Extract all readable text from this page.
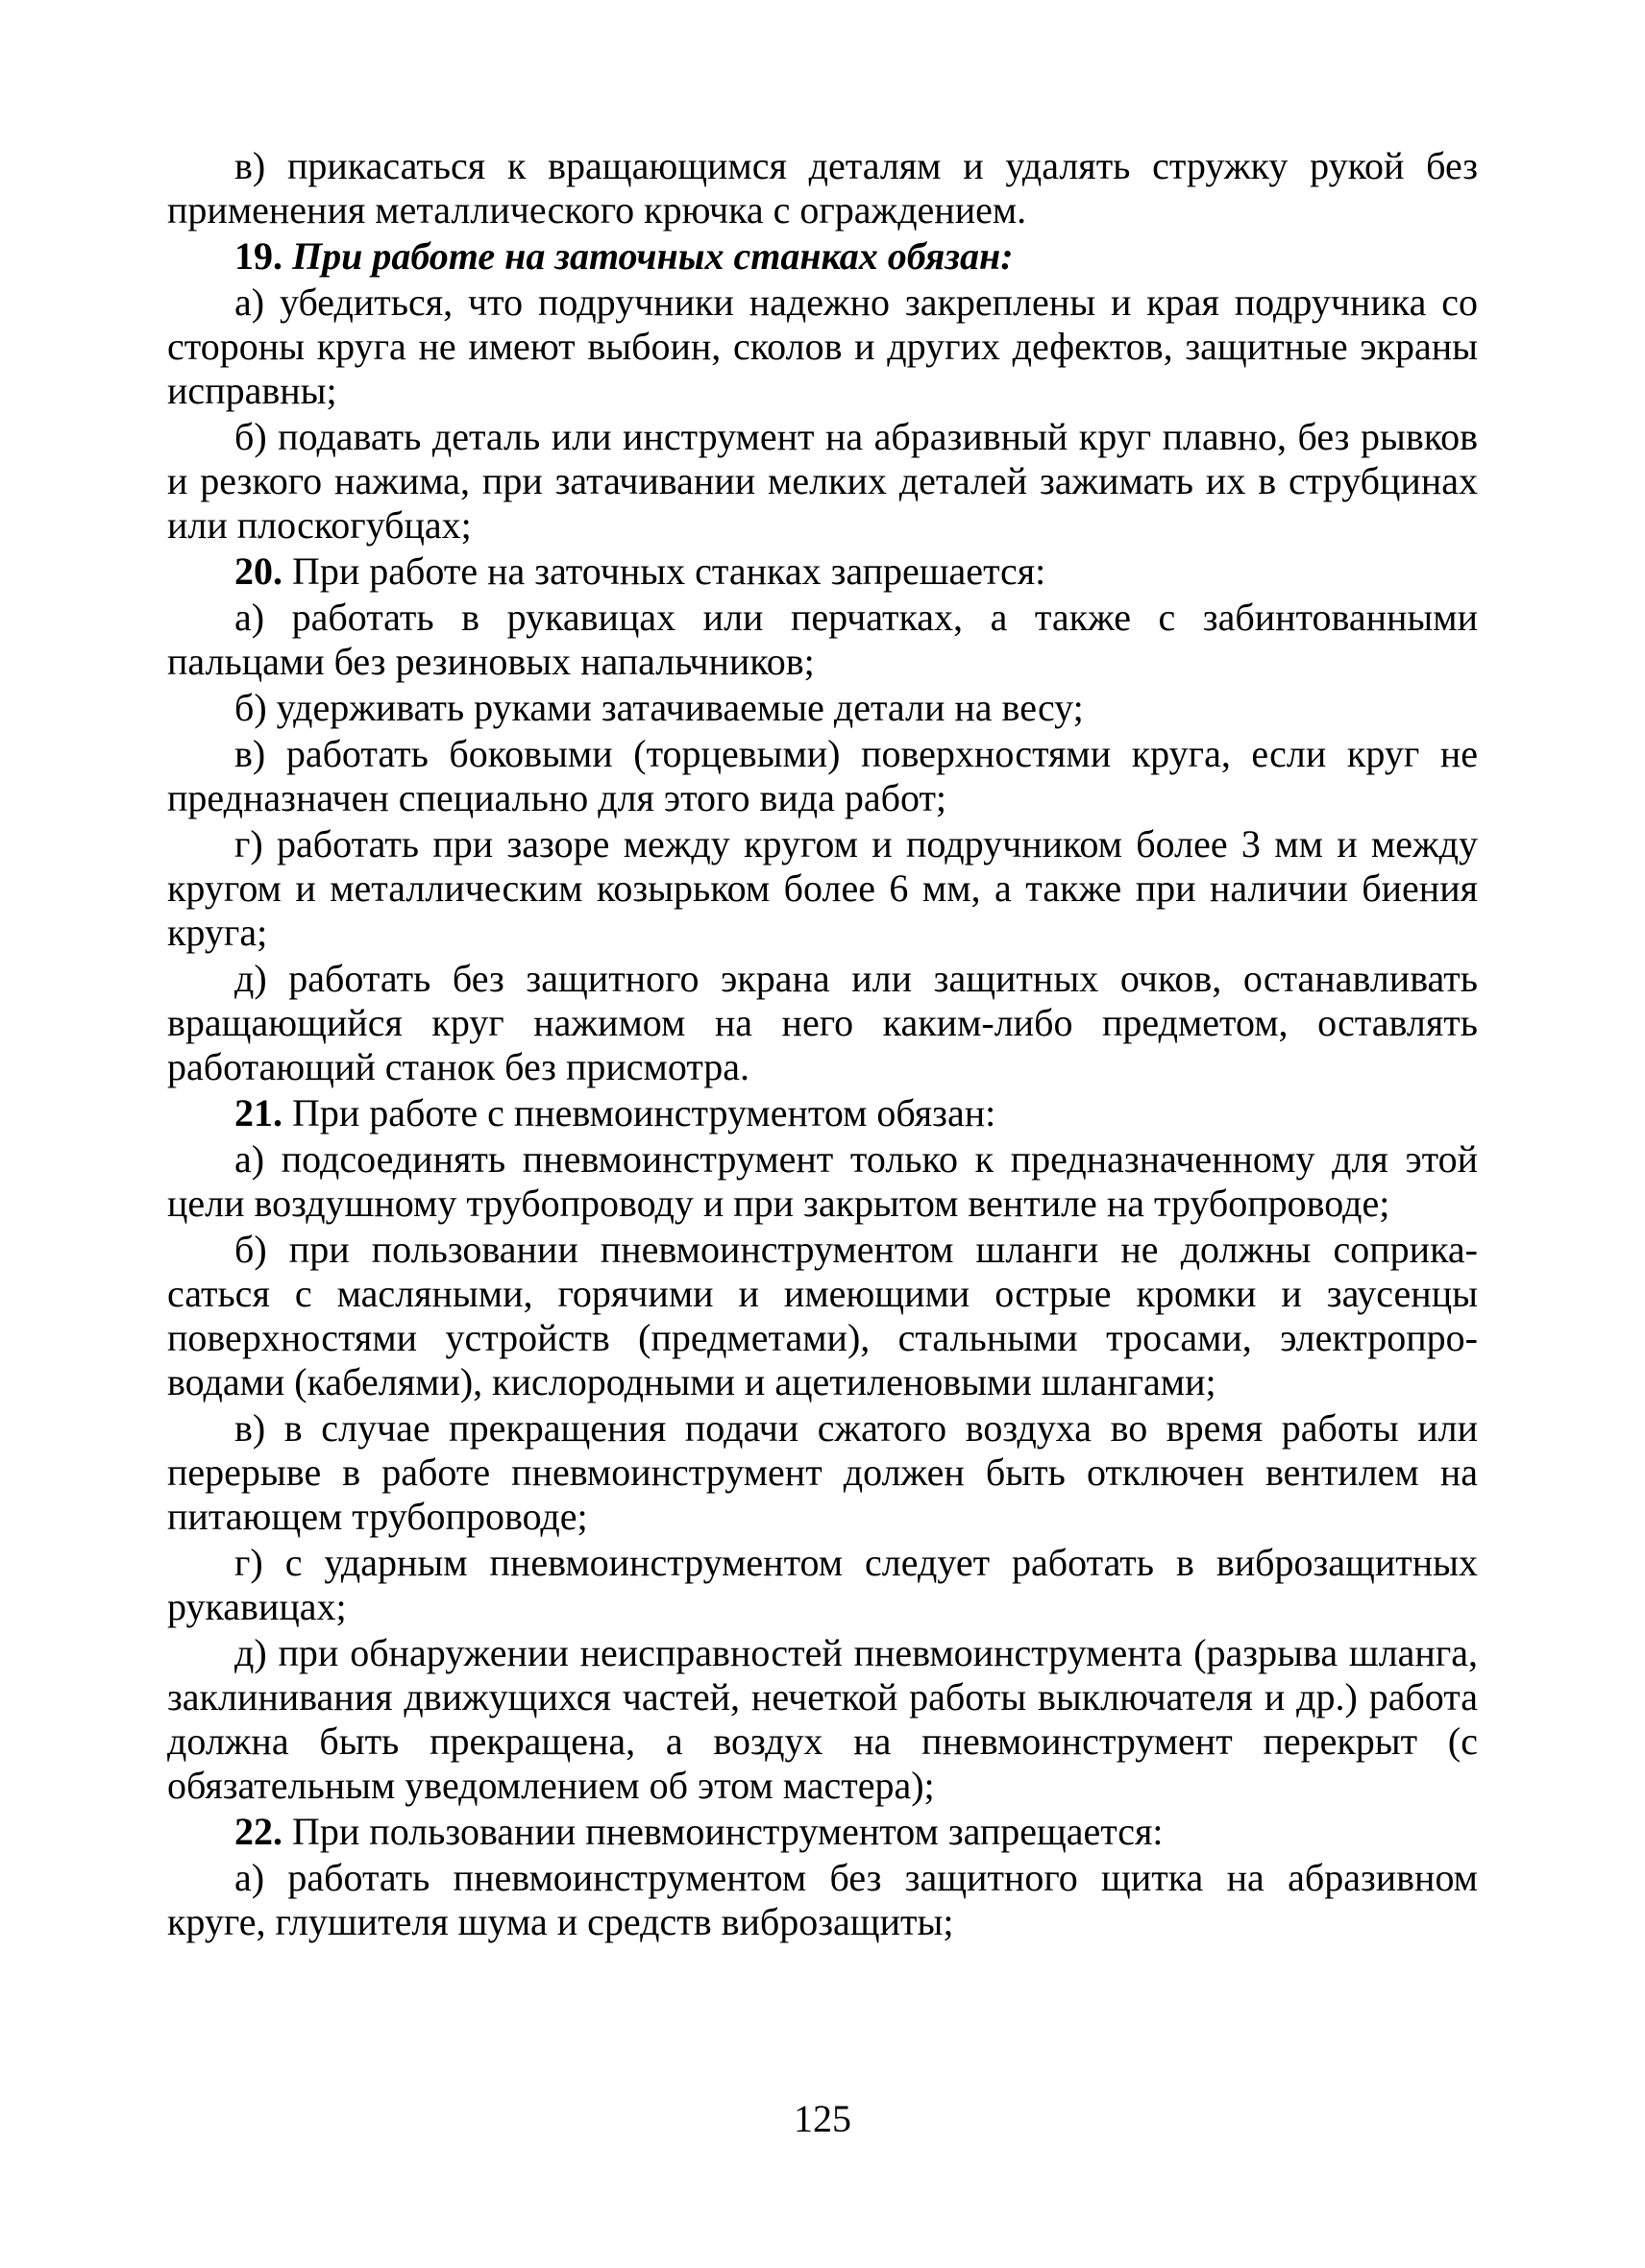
в) прикасаться к вращающимся деталям и удалять стружку рукой без применения металлического крючка с ограждением.

19. При работе на заточных станках обязан:

а) убедиться, что подручники надежно закреплены и края подручника со стороны круга не имеют выбоин, сколов и других дефектов, защитные экраны исправны;

б) подавать деталь или инструмент на абразивный круг плавно, без рывков и резкого нажима, при затачивании мелких деталей зажимать их в струбцинах или плоскогубцах;

20. При работе на заточных станках запрешается:

а) работать в рукавицах или перчатках, а также с забинтованными пальцами без резиновых напальчников;

б) удерживать руками затачиваемые детали на весу;

в) работать боковыми (торцевыми) поверхностями круга, если круг не предназначен специально для этого вида работ;

г) работать при зазоре между кругом и подручником более 3 мм и между кругом и металлическим козырьком более 6 мм, а также при наличии биения круга;

д) работать без защитного экрана или защитных очков, останавливать вращающийся круг нажимом на него каким-либо предметом, оставлять работающий станок без присмотра.

21. При работе с пневмоинструментом обязан:

а) подсоединять пневмоинструмент только к предназначенному для этой цели воздушному трубопроводу и при закрытом вентиле на трубопроводе;

б) при пользовании пневмоинструментом шланги не должны соприкасаться с масляными, горячими и имеющими острые кромки и заусенцы поверхностями устройств (предметами), стальными тросами, электропроводами (кабелями), кислородными и ацетиленовыми шлангами;

в) в случае прекращения подачи сжатого воздуха во время работы или перерыве в работе пневмоинструмент должен быть отключен вентилем на питающем трубопроводе;

г) с ударным пневмоинструментом следует работать в виброзащитных рукавицах;

д) при обнаружении неисправностей пневмоинструмента (разрыва шланга, заклинивания движущихся частей, нечеткой работы выключателя и др.) работа должна быть прекращена, а воздух на пневмоинструмент перекрыт (с обязательным уведомлением об этом мастера);

22. При пользовании пневмоинструментом запрещается:

а) работать пневмоинструментом без защитного щитка на абразивном круге, глушителя шума и средств виброзащиты;

125
